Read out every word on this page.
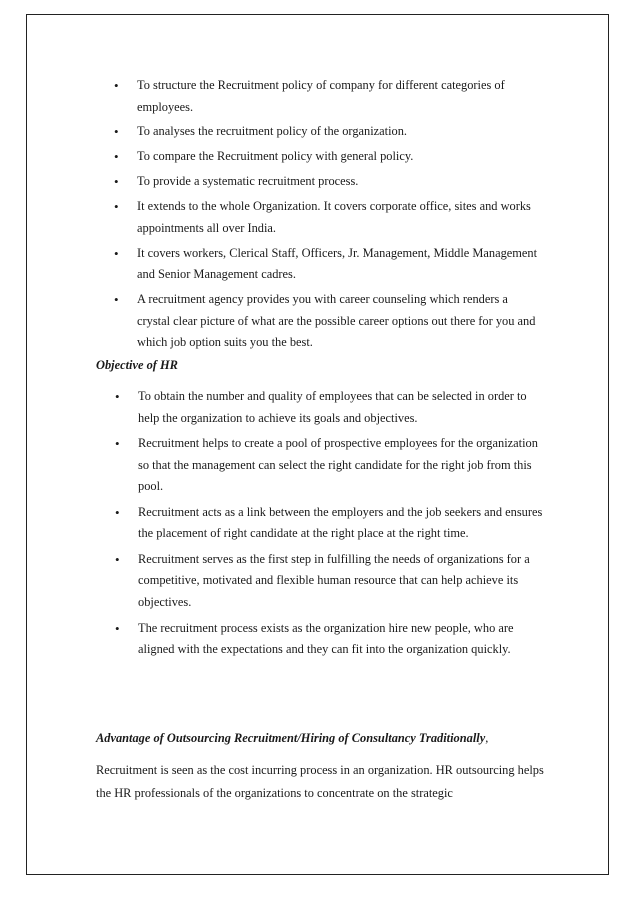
• To structure the Recruitment policy of company for different categories of employees.
• To analyses the recruitment policy of the organization.
• To compare the Recruitment policy with general policy.
• To provide a systematic recruitment process.
• It extends to the whole Organization. It covers corporate office, sites and works appointments all over India.
• It covers workers, Clerical Staff, Officers, Jr. Management, Middle Management and Senior Management cadres.
• A recruitment agency provides you with career counseling which renders a crystal clear picture of what are the possible career options out there for you and which job option suits you the best.

Objective of HR

• To obtain the number and quality of employees that can be selected in order to help the organization to achieve its goals and objectives.
• Recruitment helps to create a pool of prospective employees for the organization so that the management can select the right candidate for the right job from this pool.
• Recruitment acts as a link between the employers and the job seekers and ensures the placement of right candidate at the right place at the right time.
• Recruitment serves as the first step in fulfilling the needs of organizations for a competitive, motivated and flexible human resource that can help achieve its objectives.
• The recruitment process exists as the organization hire new people, who are aligned with the expectations and they can fit into the organization quickly.

Advantage of Outsourcing Recruitment/Hiring of Consultancy Traditionally,

Recruitment is seen as the cost incurring process in an organization. HR outsourcing helps the HR professionals of the organizations to concentrate on the strategic
